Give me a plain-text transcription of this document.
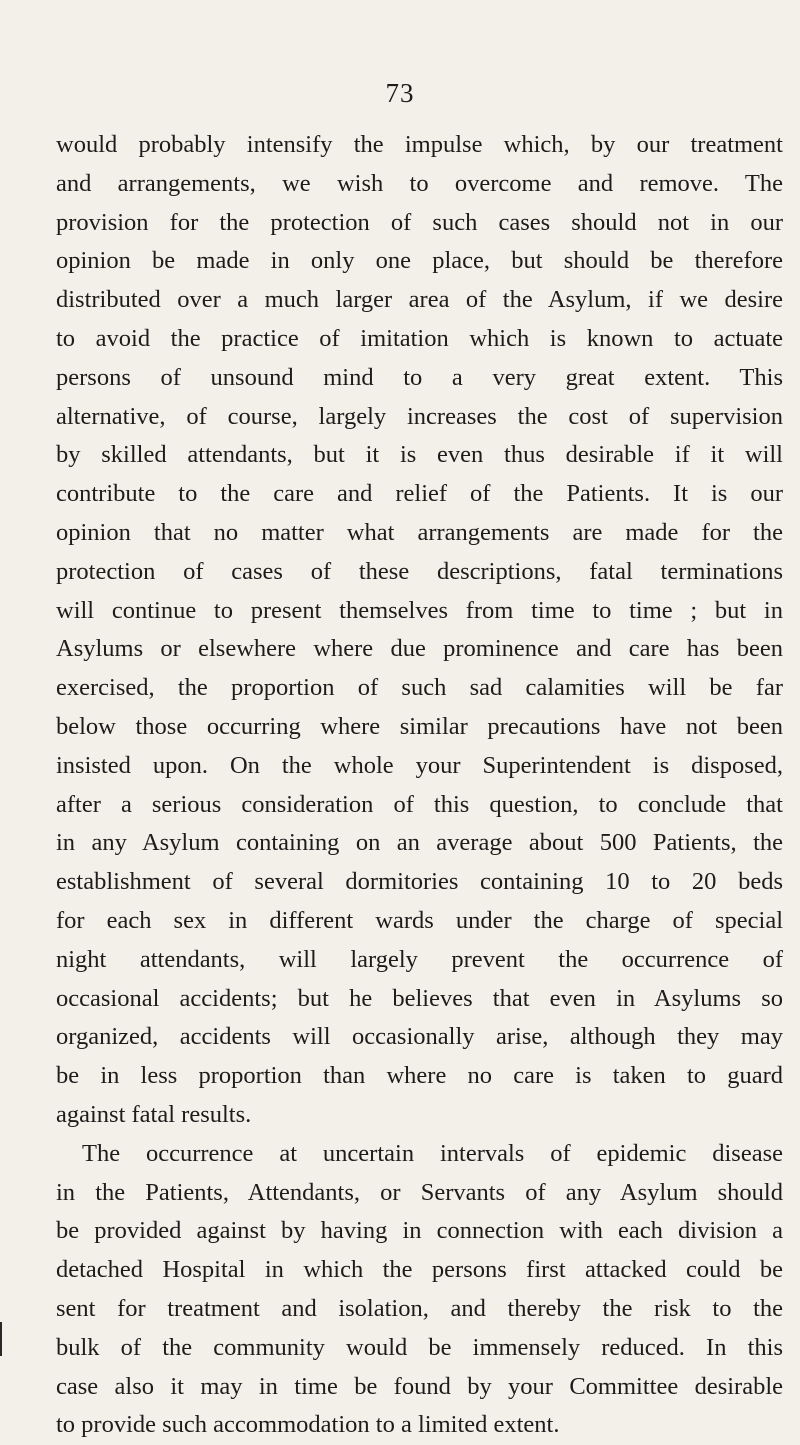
73
would probably intensify the impulse which, by our treatment
and arrangements, we wish to overcome and remove. The
provision for the protection of such cases should not in our
opinion be made in only one place, but should be therefore
distributed over a much larger area of the Asylum, if we desire
to avoid the practice of imitation which is known to actuate
persons of unsound mind to a very great extent. This
alternative, of course, largely increases the cost of supervision
by skilled attendants, but it is even thus desirable if it will
contribute to the care and relief of the Patients. It is our
opinion that no matter what arrangements are made for the
protection of cases of these descriptions, fatal terminations
will continue to present themselves from time to time ; but in
Asylums or elsewhere where due prominence and care has been
exercised, the proportion of such sad calamities will be far
below those occurring where similar precautions have not been
insisted upon. On the whole your Superintendent is disposed,
after a serious consideration of this question, to conclude that
in any Asylum containing on an average about 500 Patients, the
establishment of several dormitories containing 10 to 20 beds
for each sex in different wards under the charge of special
night attendants, will largely prevent the occurrence of
occasional accidents; but he believes that even in Asylums so
organized, accidents will occasionally arise, although they may
be in less proportion than where no care is taken to guard
against fatal results.
The occurrence at uncertain intervals of epidemic disease
in the Patients, Attendants, or Servants of any Asylum should
be provided against by having in connection with each division a
detached Hospital in which the persons first attacked could be
sent for treatment and isolation, and thereby the risk to the
bulk of the community would be immensely reduced. In this
case also it may in time be found by your Committee desirable
to provide such accommodation to a limited extent.
